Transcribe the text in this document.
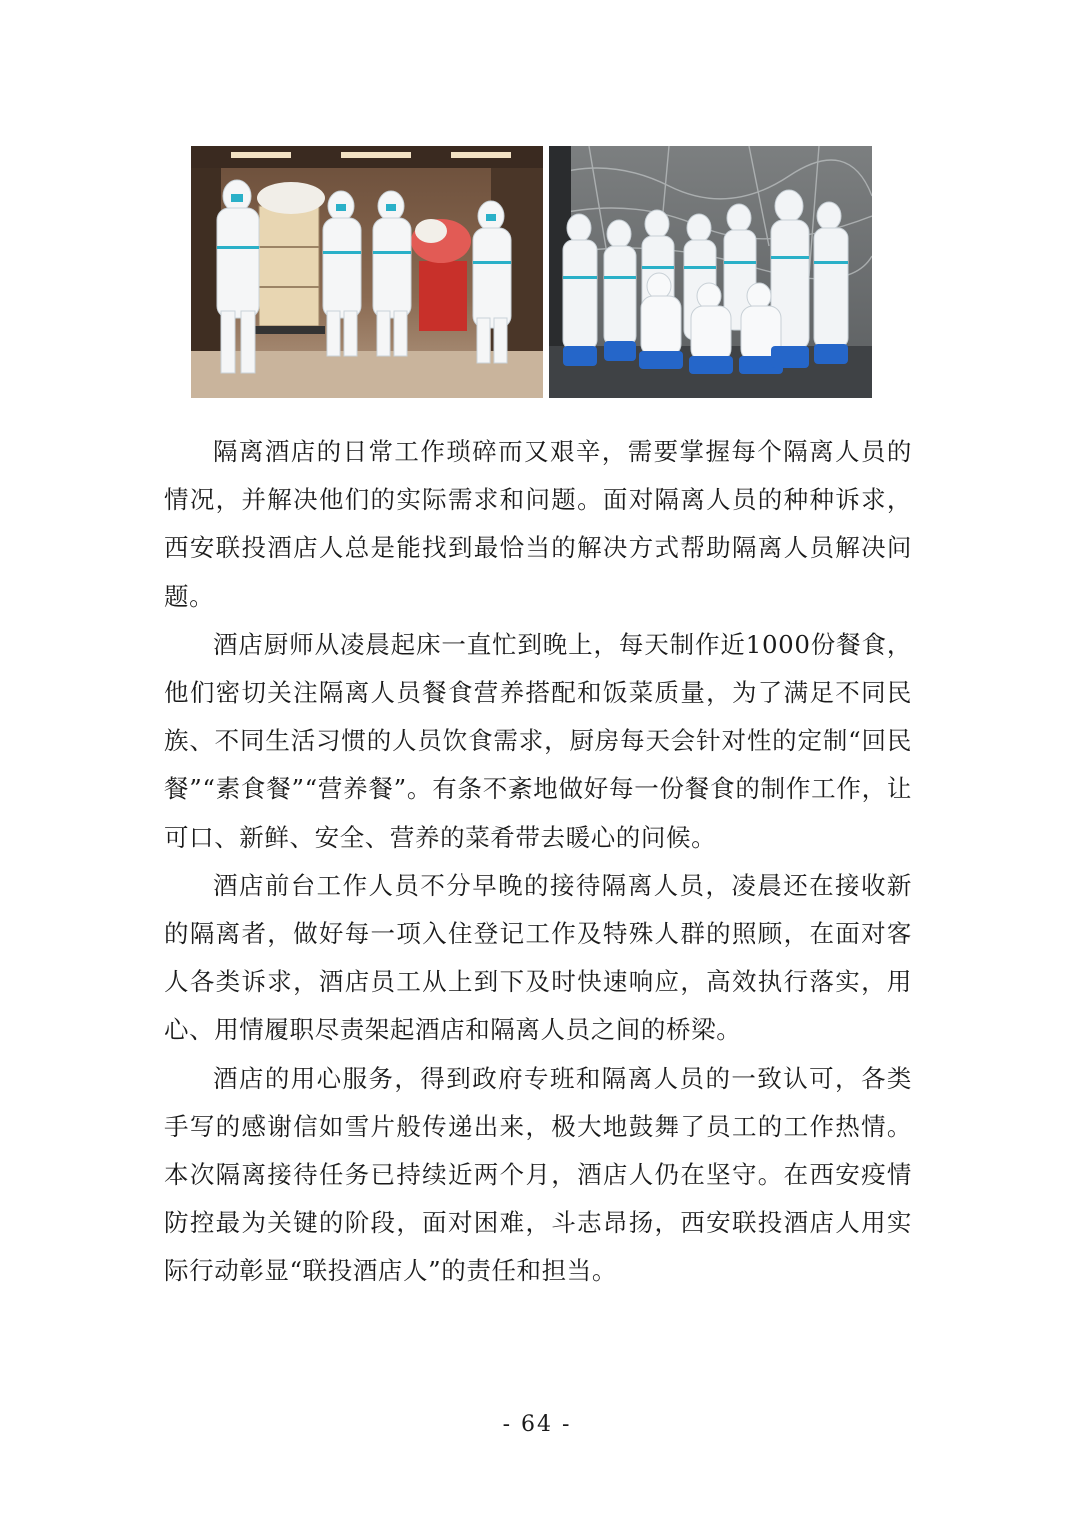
隔离酒店的日常工作琐碎而又艰辛，需要掌握每个隔离人员的情况，并解决他们的实际需求和问题。面对隔离人员的种种诉求，西安联投酒店人总是能找到最恰当的解决方式帮助隔离人员解决问题。

酒店厨师从凌晨起床一直忙到晚上，每天制作近1000份餐食，他们密切关注隔离人员餐食营养搭配和饭菜质量，为了满足不同民族、不同生活习惯的人员饮食需求，厨房每天会针对性的定制“回民餐”“素食餐”“营养餐”。有条不紊地做好每一份餐食的制作工作，让可口、新鲜、安全、营养的菜肴带去暖心的问候。

酒店前台工作人员不分早晚的接待隔离人员，凌晨还在接收新的隔离者，做好每一项入住登记工作及特殊人群的照顾，在面对客人各类诉求，酒店员工从上到下及时快速响应，高效执行落实，用心、用情履职尽责架起酒店和隔离人员之间的桥梁。

酒店的用心服务，得到政府专班和隔离人员的一致认可，各类手写的感谢信如雪片般传递出来，极大地鼓舞了员工的工作热情。本次隔离接待任务已持续近两个月，酒店人仍在坚守。在西安疫情防控最为关键的阶段，面对困难，斗志昂扬，西安联投酒店人用实际行动彰显“联投酒店人”的责任和担当。

- 64 -
